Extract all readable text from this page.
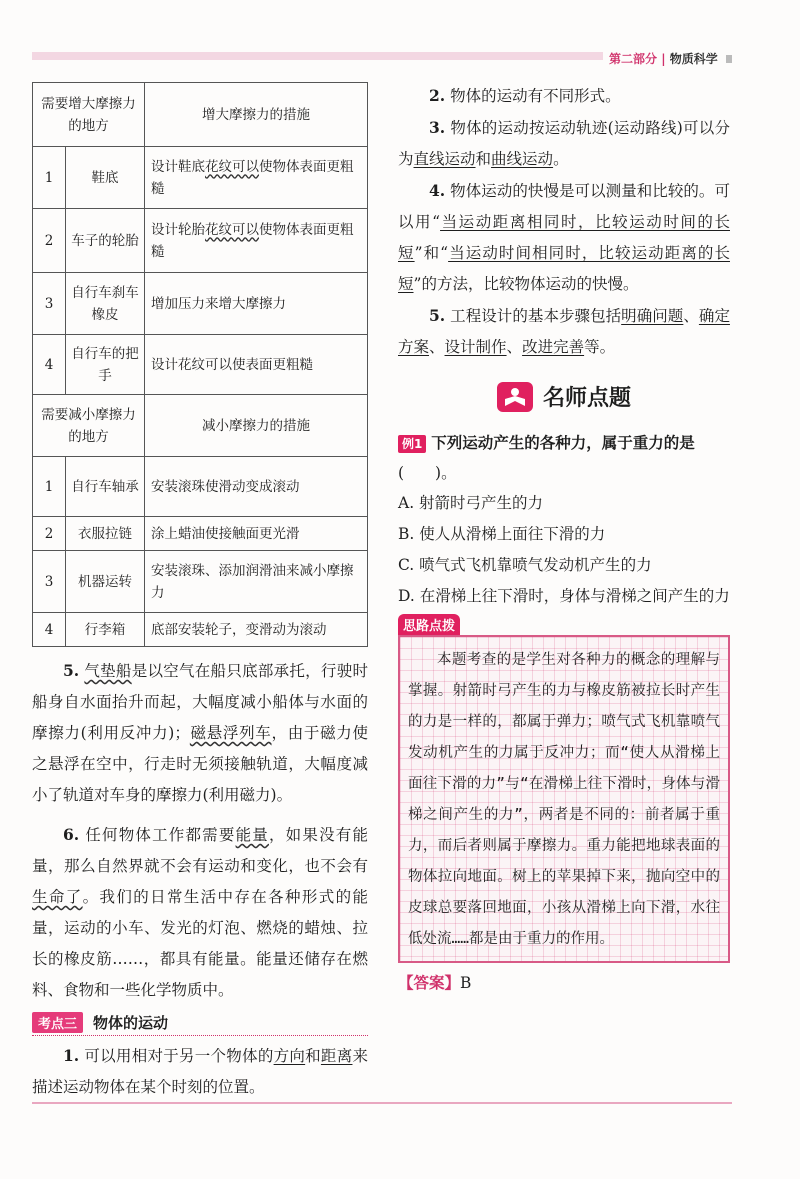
第二部分 | 物质科学
需要增大摩擦力的地方		增大摩擦力的措施
1	鞋底	设计鞋底花纹可以使物体表面更粗糙
2	车子的轮胎	设计轮胎花纹可以使物体表面更粗糙
3	自行车刹车橡皮	增加压力来增大摩擦力
4	自行车的把手	设计花纹可以使表面更粗糙
需要减小摩擦力的地方		减小摩擦力的措施
1	自行车轴承	安装滚珠使滑动变成滚动
2	衣服拉链	涂上蜡油使接触面更光滑
3	机器运转	安装滚珠、添加润滑油来减小摩擦力
4	行李箱	底部安装轮子，变滑动为滚动

5. 气垫船是以空气在船只底部承托，行驶时船身自水面抬升而起，大幅度减小船体与水面的摩擦力(利用反冲力)；磁悬浮列车，由于磁力使之悬浮在空中，行走时无须接触轨道，大幅度减小了轨道对车身的摩擦力(利用磁力)。

6. 任何物体工作都需要能量，如果没有能量，那么自然界就不会有运动和变化，也不会有生命了。我们的日常生活中存在各种形式的能量，运动的小车、发光的灯泡、燃烧的蜡烛、拉长的橡皮筋……，都具有能量。能量还储存在燃料、食物和一些化学物质中。

考点三	物体的运动

1. 可以用相对于另一个物体的方向和距离来描述运动物体在某个时刻的位置。

2. 物体的运动有不同形式。

3. 物体的运动按运动轨迹(运动路线)可以分为直线运动和曲线运动。

4. 物体运动的快慢是可以测量和比较的。可以用“当运动距离相同时，比较运动时间的长短”和“当运动时间相同时，比较运动距离的长短”的方法，比较物体运动的快慢。

5. 工程设计的基本步骤包括明确问题、确定方案、设计制作、改进完善等。

名师点题

例1 下列运动产生的各种力，属于重力的是 (　　)。

A. 射箭时弓产生的力

B. 使人从滑梯上面往下滑的力

C. 喷气式飞机靠喷气发动机产生的力

D. 在滑梯上往下滑时，身体与滑梯之间产生的力

思路点拨

本题考查的是学生对各种力的概念的理解与掌握。射箭时弓产生的力与橡皮筋被拉长时产生的力是一样的，都属于弹力；喷气式飞机靠喷气发动机产生的力属于反冲力；而“使人从滑梯上面往下滑的力”与“在滑梯上往下滑时，身体与滑梯之间产生的力”，两者是不同的：前者属于重力，而后者则属于摩擦力。重力能把地球表面的物体拉向地面。树上的苹果掉下来，抛向空中的皮球总要落回地面，小孩从滑梯上向下滑，水往低处流……都是由于重力的作用。

【答案】B
